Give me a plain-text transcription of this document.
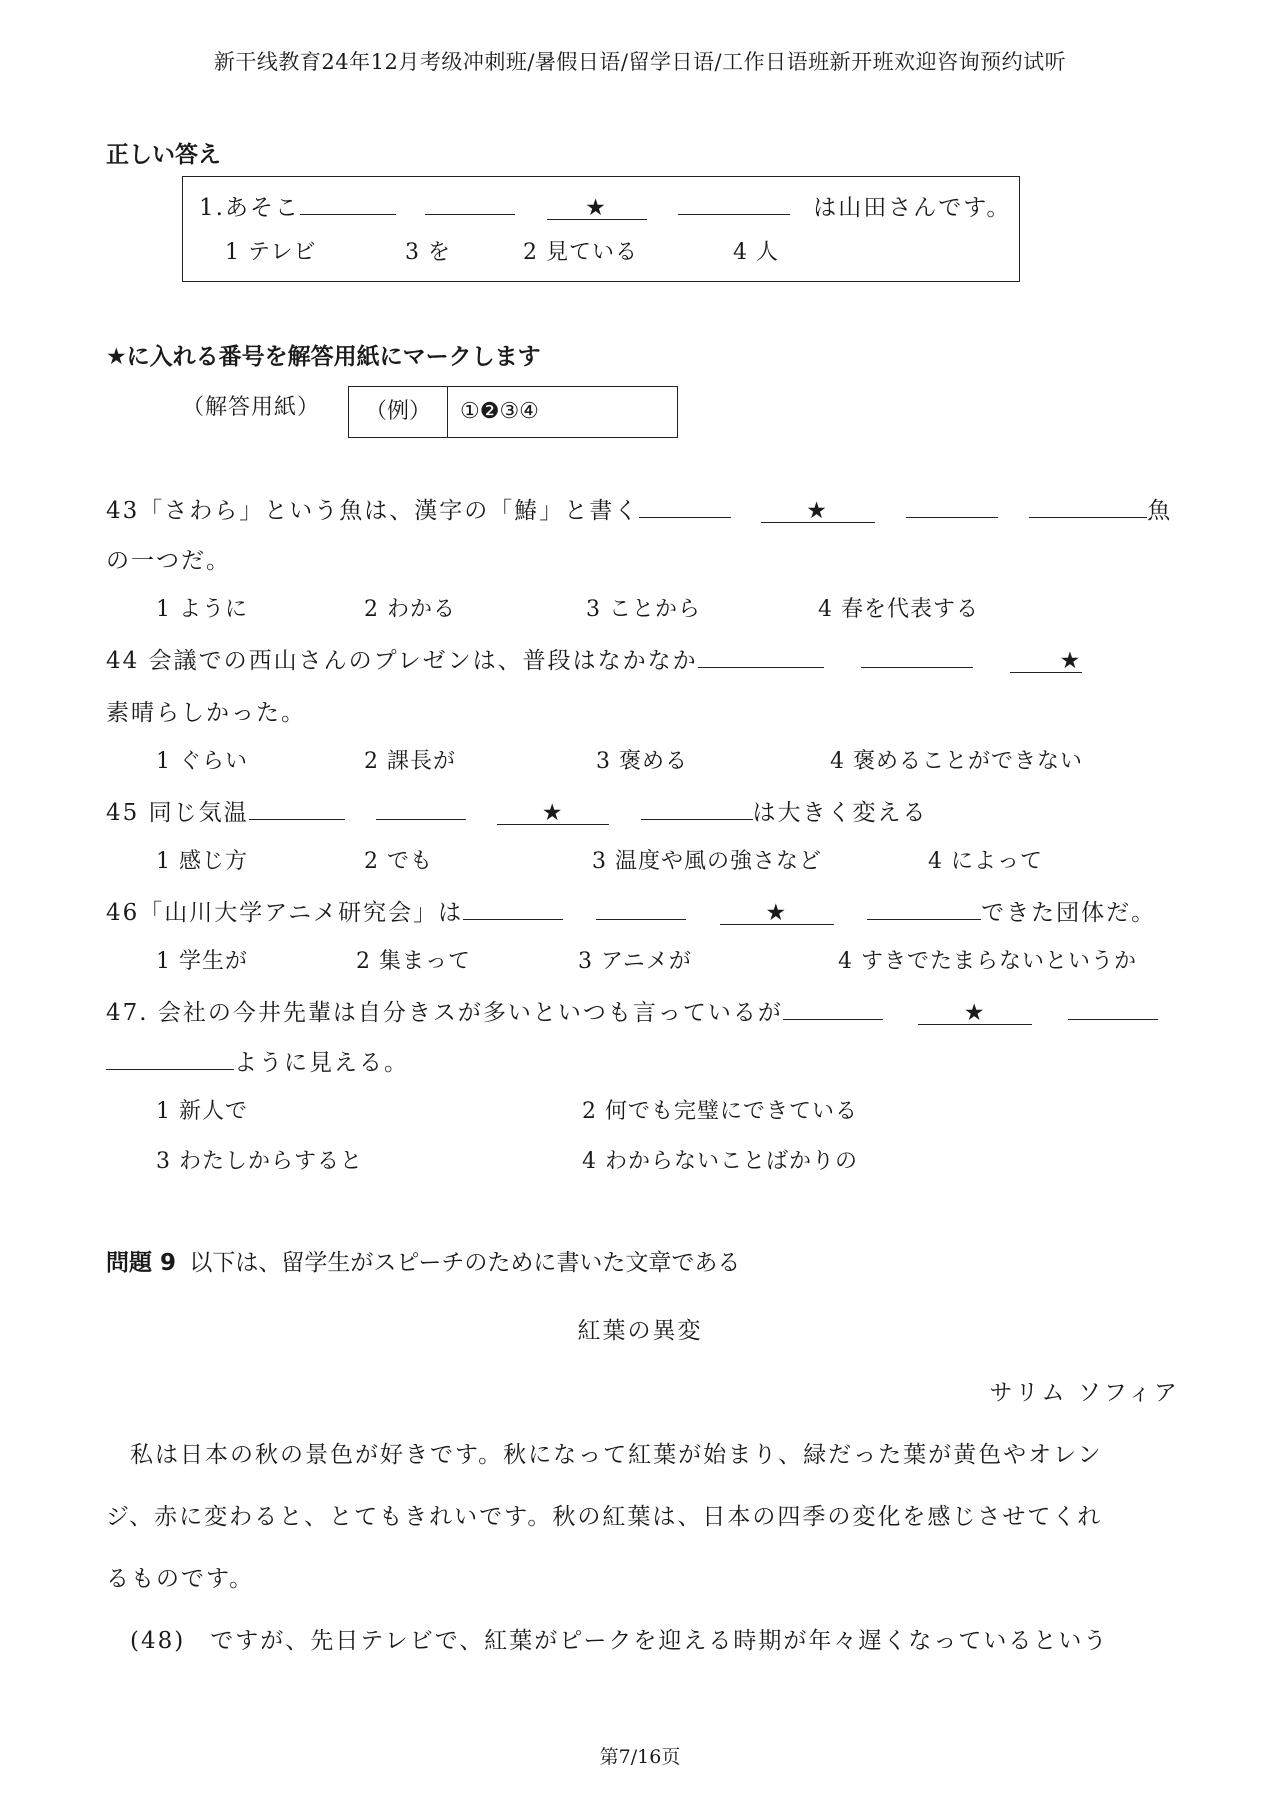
新干线教育24年12月考级冲刺班/暑假日语/留学日语/工作日语班新开班欢迎咨询预约试听
正しい答え
1.あそこ	★	は山田さんです。
1 テレビ	3 を	2 見ている	4 人
★に入れる番号を解答用紙にマークします
（解答用紙）	（例）	①❷③④
43「さわら」という魚は、漢字の「鰆」と書く	★	魚
の一つだ。
1 ように	2 わかる	3 ことから	4 春を代表する
44 会議での西山さんのプレゼンは、普段はなかなか	★
素晴らしかった。
1 ぐらい	2 課長が	3 褒める	4 褒めることができない
45 同じ気温	★	は大きく変える
1 感じ方	2 でも	3 温度や風の強さなど	4 によって
46「山川大学アニメ研究会」は	★	できた団体だ。
1 学生が	2 集まって	3 アニメが	4 すきでたまらないというか
47. 会社の今井先輩は自分きスが多いといつも言っているが	★
ように見える。
1 新人で	2 何でも完璧にできている
3 わたしからすると	4 わからないことばかりの
問題 9 以下は、留学生がスピーチのために書いた文章である
紅葉の異変
サリム ソフィア
私は日本の秋の景色が好きです。秋になって紅葉が始まり、緑だった葉が黄色やオレン
ジ、赤に変わると、とてもきれいです。秋の紅葉は、日本の四季の変化を感じさせてくれ
るものです。
(48)　ですが、先日テレビで、紅葉がピークを迎える時期が年々遅くなっているという
第7/16页
